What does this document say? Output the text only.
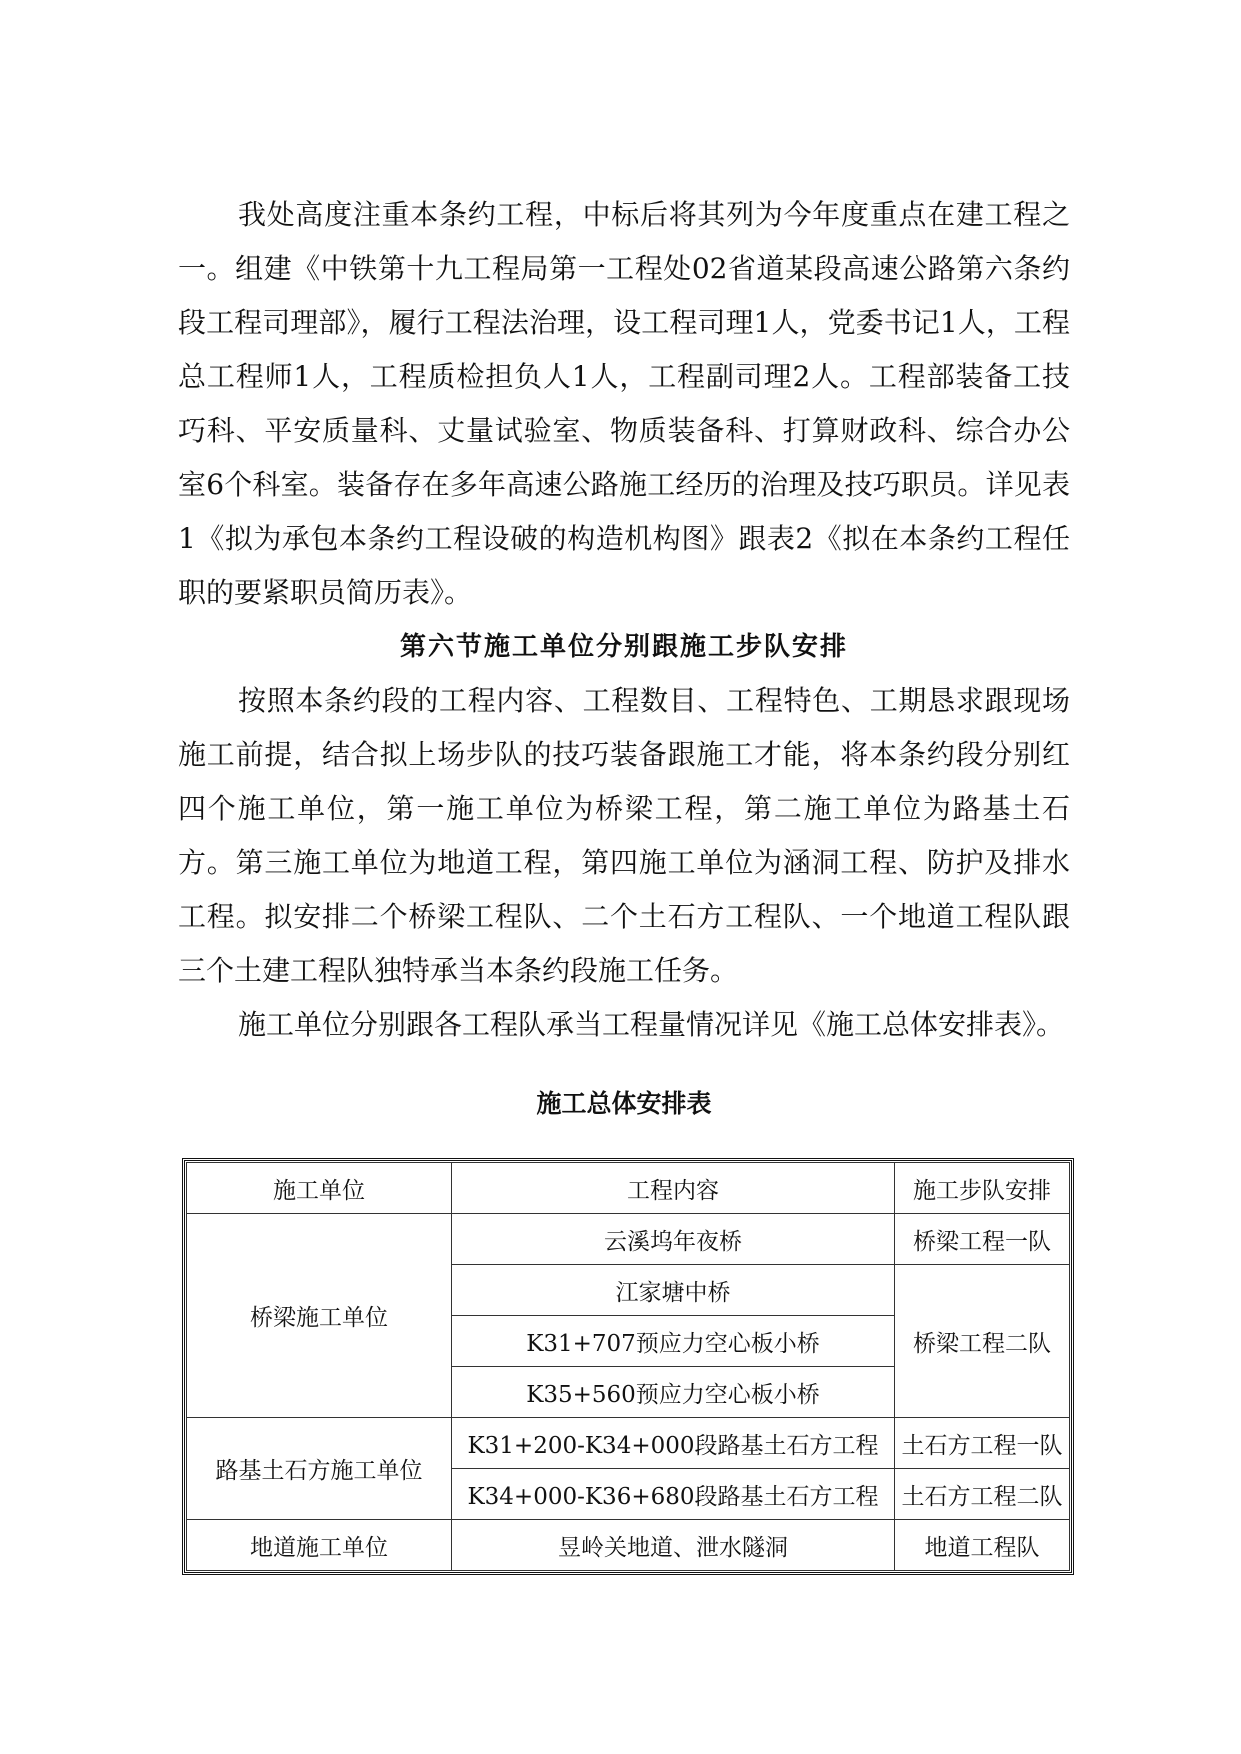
我处高度注重本条约工程，中标后将其列为今年度重点在建工程之一。组建《中铁第十九工程局第一工程处02省道某段高速公路第六条约段工程司理部》，履行工程法治理，设工程司理1人，党委书记1人，工程总工程师1人，工程质检担负人1人，工程副司理2人。工程部装备工技巧科、平安质量科、丈量试验室、物质装备科、打算财政科、综合办公室6个科室。装备存在多年高速公路施工经历的治理及技巧职员。详见表1《拟为承包本条约工程设破的构造机构图》跟表2《拟在本条约工程任职的要紧职员简历表》。

第六节施工单位分别跟施工步队安排

按照本条约段的工程内容、工程数目、工程特色、工期恳求跟现场施工前提，结合拟上场步队的技巧装备跟施工才能，将本条约段分别红四个施工单位，第一施工单位为桥梁工程，第二施工单位为路基土石方。第三施工单位为地道工程，第四施工单位为涵洞工程、防护及排水工程。拟安排二个桥梁工程队、二个土石方工程队、一个地道工程队跟三个土建工程队独特承当本条约段施工任务。

施工单位分别跟各工程队承当工程量情况详见《施工总体安排表》。

施工总体安排表

施工单位	工程内容	施工步队安排
桥梁施工单位	云溪坞年夜桥	桥梁工程一队
	江家塘中桥	桥梁工程二队
	K31+707预应力空心板小桥	
	K35+560预应力空心板小桥	
路基土石方施工单位	K31+200-K34+000段路基土石方工程	土石方工程一队
	K34+000-K36+680段路基土石方工程	土石方工程二队
地道施工单位	昱岭关地道、泄水隧洞	地道工程队
